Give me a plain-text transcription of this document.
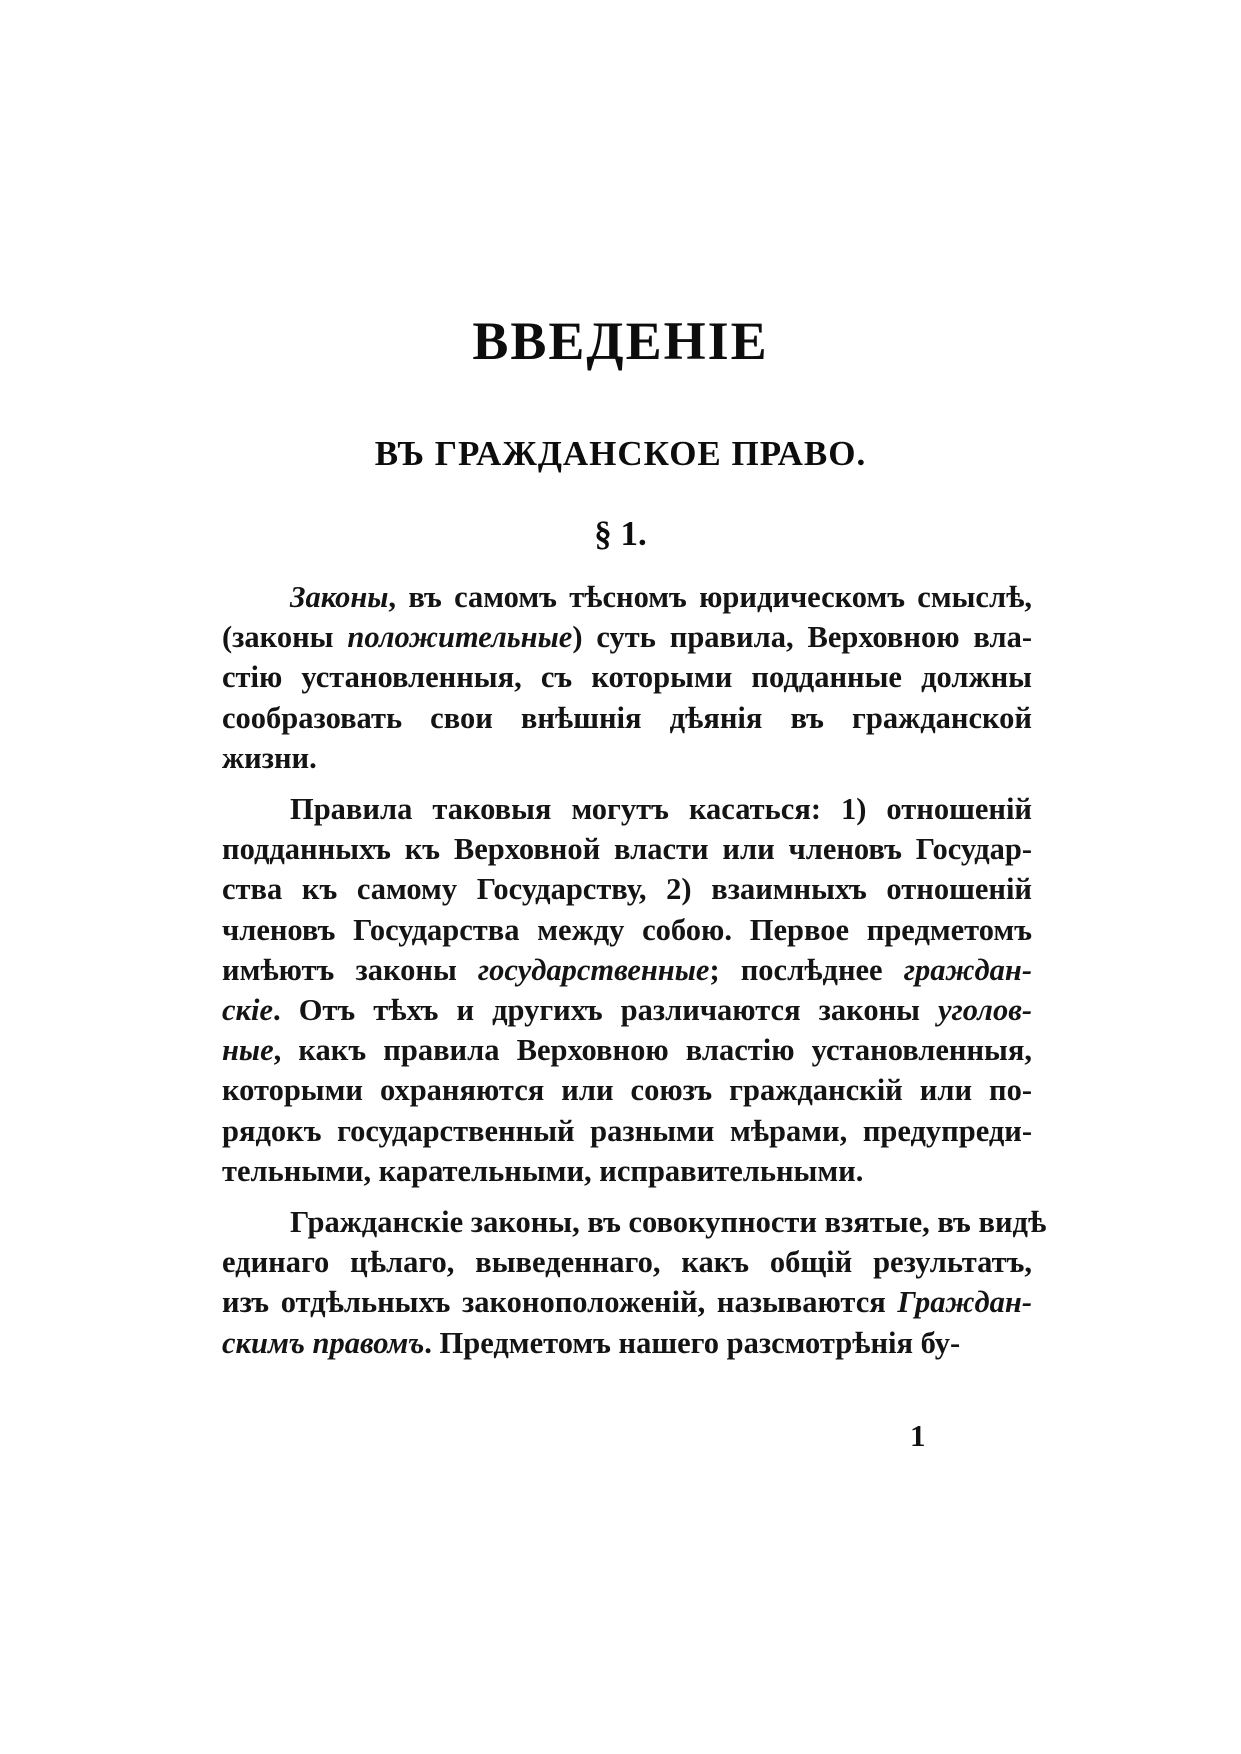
ВВЕДЕНІЕ
ВЪ ГРАЖДАНСКОЕ ПРАВО.
§ 1.
Законы, въ самомъ тѣсномъ юридическомъ смыслѣ,
(законы положительные) суть правила, Верховною вла-
стію установленныя, съ которыми подданные должны
сообразовать свои внѣшнія дѣянія въ гражданской
жизни.
Правила таковыя могутъ касаться: 1) отношеній
подданныхъ къ Верховной власти или членовъ Государ-
ства къ самому Государству, 2) взаимныхъ отношеній
членовъ Государства между собою. Первое предметомъ
имѣютъ законы государственные; послѣднее граждан-
скіе. Отъ тѣхъ и другихъ различаются законы уголов-
ные, какъ правила Верховною властію установленныя,
которыми охраняются или союзъ гражданскій или по-
рядокъ государственный разными мѣрами, предупреди-
тельными, карательными, исправительными.
Гражданскіе законы, въ совокупности взятые, въ видѣ
единаго цѣлаго, выведеннаго, какъ общій результатъ,
изъ отдѣльныхъ законоположеній, называются Граждан-
скимъ правомъ. Предметомъ нашего разсмотрѣнія бу-
1
